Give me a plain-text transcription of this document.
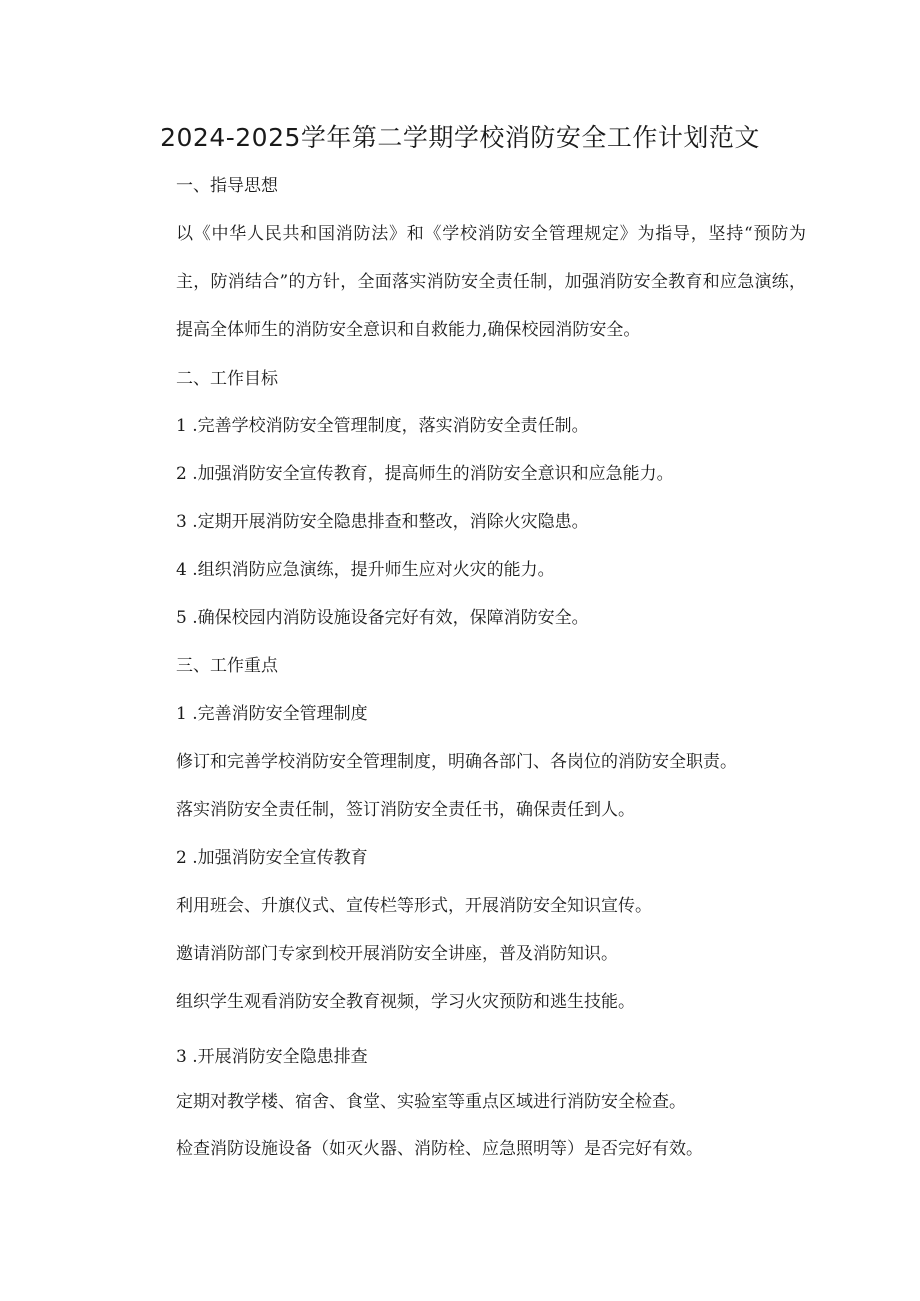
2024-2025学年第二学期学校消防安全工作计划范文
一、指导思想

以《中华人民共和国消防法》和《学校消防安全管理规定》为指导，坚持“预防为主，防消结合”的方针，全面落实消防安全责任制，加强消防安全教育和应急演练，提高全体师生的消防安全意识和自救能力,确保校园消防安全。

二、工作目标
1 .完善学校消防安全管理制度，落实消防安全责任制。
2 .加强消防安全宣传教育，提高师生的消防安全意识和应急能力。
3 .定期开展消防安全隐患排查和整改，消除火灾隐患。
4 .组织消防应急演练，提升师生应对火灾的能力。
5 .确保校园内消防设施设备完好有效，保障消防安全。
三、工作重点
1 .完善消防安全管理制度
修订和完善学校消防安全管理制度，明确各部门、各岗位的消防安全职责。
落实消防安全责任制，签订消防安全责任书，确保责任到人。
2 .加强消防安全宣传教育
利用班会、升旗仪式、宣传栏等形式，开展消防安全知识宣传。
邀请消防部门专家到校开展消防安全讲座，普及消防知识。
组织学生观看消防安全教育视频，学习火灾预防和逃生技能。
3 .开展消防安全隐患排查
定期对教学楼、宿舍、食堂、实验室等重点区域进行消防安全检查。
检查消防设施设备（如灭火器、消防栓、应急照明等）是否完好有效。
